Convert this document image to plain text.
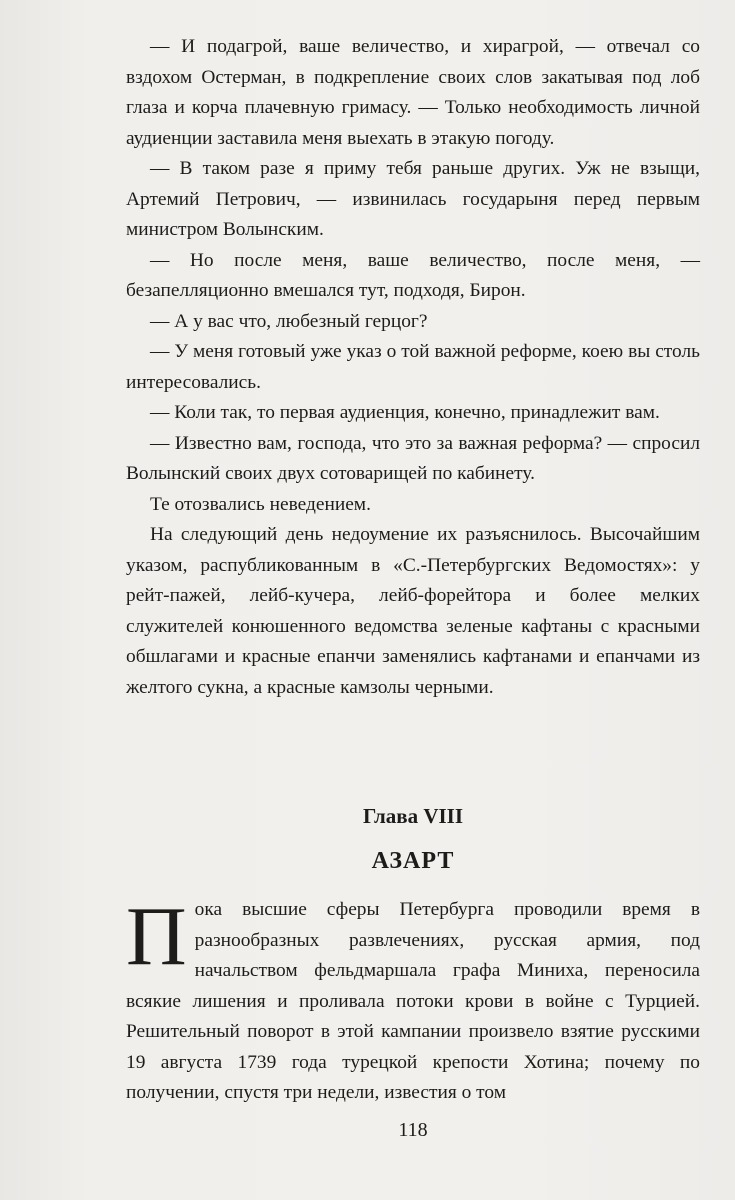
— И подагрой, ваше величество, и хирагрой, — отвечал со вздохом Остерман, в подкрепление своих слов закатывая под лоб глаза и корча плачевную гримасу. — Только необходимость личной аудиенции заставила меня выехать в этакую погоду.

— В таком разе я приму тебя раньше других. Уж не взыщи, Артемий Петрович, — извинилась государыня перед первым министром Волынским.

— Но после меня, ваше величество, после меня, — безапелляционно вмешался тут, подходя, Бирон.

— А у вас что, любезный герцог?

— У меня готовый уже указ о той важной реформе, коею вы столь интересовались.

— Коли так, то первая аудиенция, конечно, принадлежит вам.

— Известно вам, господа, что это за важная реформа? — спросил Волынский своих двух сотоварищей по кабинету.

Те отозвались неведением.

На следующий день недоумение их разъяснилось. Высочайшим указом, распубликованным в «С.-Петербургских Ведомостях»: у рейт-пажей, лейб-кучера, лейб-форейтора и более мелких служителей конюшенного ведомства зеленые кафтаны с красными обшлагами и красные епанчи заменялись кафтанами и епанчами из желтого сукна, а красные камзолы черными.

Глава VIII
АЗАРТ
П ока высшие сферы Петербурга проводили время в разнообразных развлечениях, русская армия, под начальством фельдмаршала графа Миниха, переносила всякие лишения и проливала потоки крови в войне с Турцией. Решительный поворот в этой кампании произвело взятие русскими 19 августа 1739 года турецкой крепости Хотина; почему по получении, спустя три недели, известия о том
118
